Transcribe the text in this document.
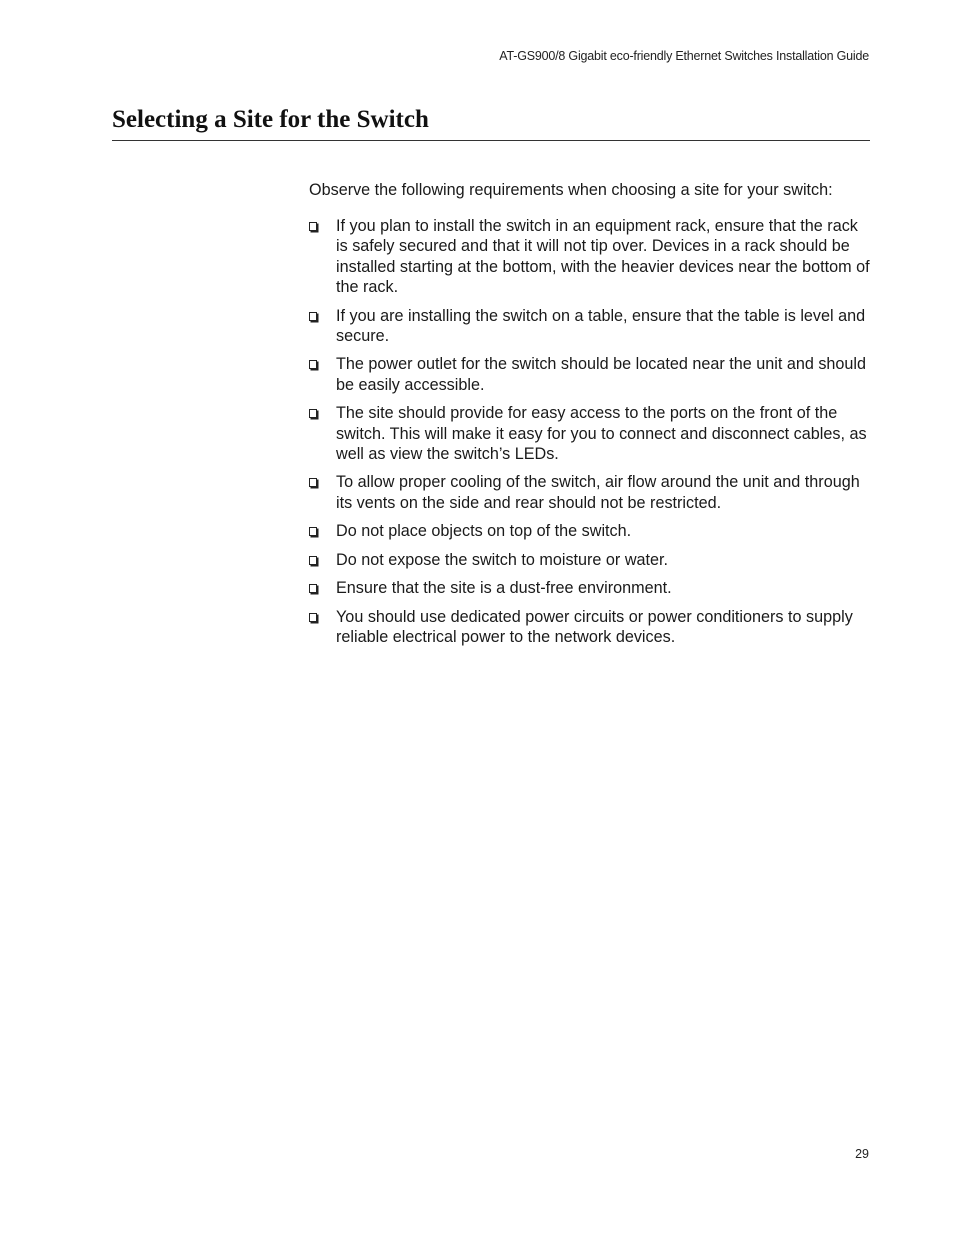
AT-GS900/8 Gigabit eco-friendly Ethernet Switches Installation Guide
Selecting a Site for the Switch

Observe the following requirements when choosing a site for your switch:

If you plan to install the switch in an equipment rack, ensure that the rack is safely secured and that it will not tip over. Devices in a rack should be installed starting at the bottom, with the heavier devices near the bottom of the rack.
If you are installing the switch on a table, ensure that the table is level and secure.
The power outlet for the switch should be located near the unit and should be easily accessible.
The site should provide for easy access to the ports on the front of the switch. This will make it easy for you to connect and disconnect cables, as well as view the switch’s LEDs.
To allow proper cooling of the switch, air flow around the unit and through its vents on the side and rear should not be restricted.
Do not place objects on top of the switch.
Do not expose the switch to moisture or water.
Ensure that the site is a dust-free environment.
You should use dedicated power circuits or power conditioners to supply reliable electrical power to the network devices.
29
